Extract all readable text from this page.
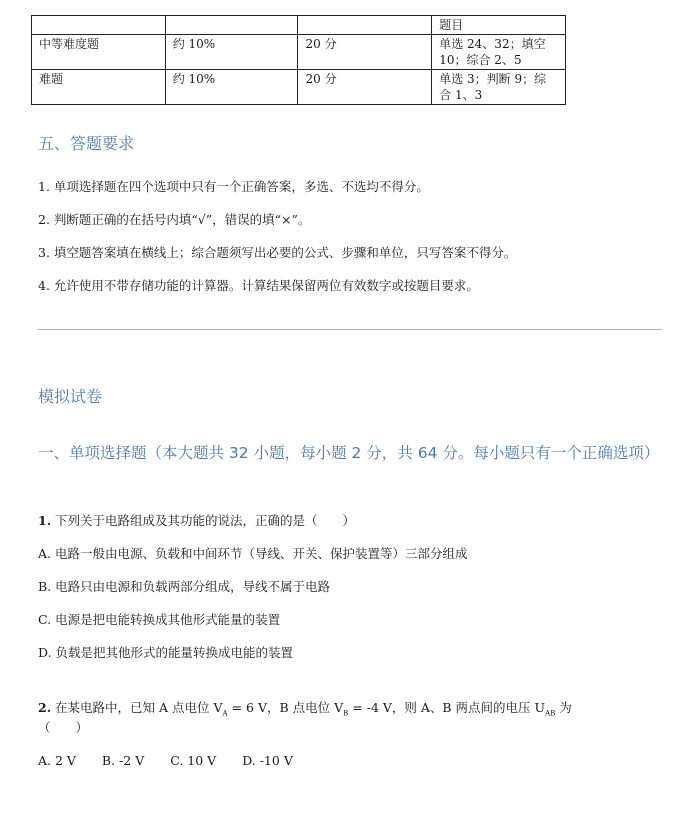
			题目
中等难度题	约 10%	20 分	单选 24、32；填空 10；综合 2、5
难题	约 10%	20 分	单选 3；判断 9；综合 1、3
五、答题要求
1. 单项选择题在四个选项中只有一个正确答案，多选、不选均不得分。
2. 判断题正确的在括号内填“√”，错误的填“×”。
3. 填空题答案填在横线上；综合题须写出必要的公式、步骤和单位，只写答案不得分。
4. 允许使用不带存储功能的计算器。计算结果保留两位有效数字或按题目要求。
模拟试卷
一、单项选择题（本大题共 32 小题，每小题 2 分，共 64 分。每小题只有一个正确选项）
1. 下列关于电路组成及其功能的说法，正确的是（　　）
A. 电路一般由电源、负载和中间环节（导线、开关、保护装置等）三部分组成
B. 电路只由电源和负载两部分组成，导线不属于电路
C. 电源是把电能转换成其他形式能量的装置
D. 负载是把其他形式的能量转换成电能的装置
2. 在某电路中，已知 A 点电位 $V_A = 6$ V，B 点电位 $V_B = -4$ V，则 A、B 两点间的电压 $U_{AB}$ 为
（　　）
A. 2 V B. -2 V C. 10 V D. -10 V
